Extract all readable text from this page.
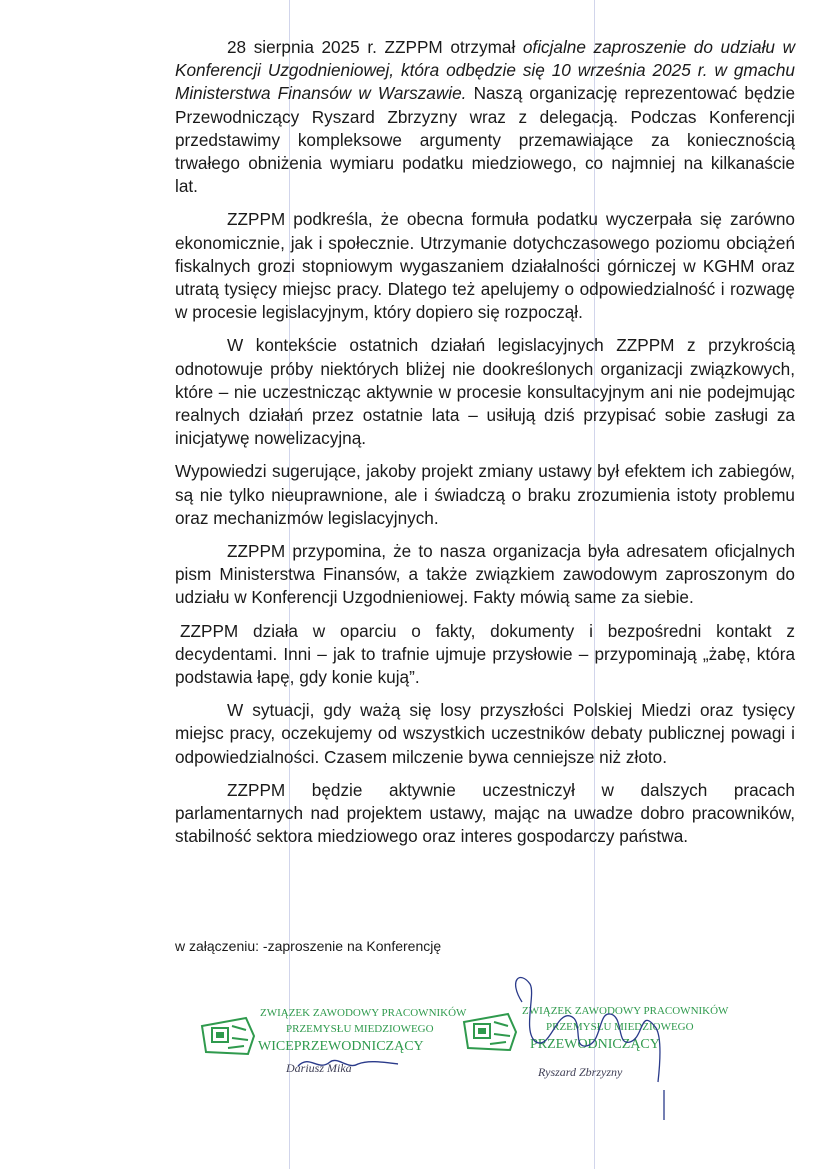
28 sierpnia 2025 r. ZZPPM otrzymał oficjalne zaproszenie do udziału w Konferencji Uzgodnieniowej, która odbędzie się 10 września 2025 r. w gmachu Ministerstwa Finansów w Warszawie. Naszą organizację reprezentować będzie Przewodniczący Ryszard Zbrzyzny wraz z delegacją. Podczas Konferencji przedstawimy kompleksowe argumenty przemawiające za koniecznością trwałego obniżenia wymiaru podatku miedziowego, co najmniej na kilkanaście lat.

ZZPPM podkreśla, że obecna formuła podatku wyczerpała się zarówno ekonomicznie, jak i społecznie. Utrzymanie dotychczasowego poziomu obciążeń fiskalnych grozi stopniowym wygaszaniem działalności górniczej w KGHM oraz utratą tysięcy miejsc pracy. Dlatego też apelujemy o odpowiedzialność i rozwagę w procesie legislacyjnym, który dopiero się rozpoczął.

W kontekście ostatnich działań legislacyjnych ZZPPM z przykrością odnotowuje próby niektórych bliżej nie dookreślonych organizacji związkowych, które – nie uczestnicząc aktywnie w procesie konsultacyjnym ani nie podejmując realnych działań przez ostatnie lata – usiłują dziś przypisać sobie zasługi za inicjatywę nowelizacyjną.

Wypowiedzi sugerujące, jakoby projekt zmiany ustawy był efektem ich zabiegów, są nie tylko nieuprawnione, ale i świadczą o braku zrozumienia istoty problemu oraz mechanizmów legislacyjnych.

ZZPPM przypomina, że to nasza organizacja była adresatem oficjalnych pism Ministerstwa Finansów, a także związkiem zawodowym zaproszonym do udziału w Konferencji Uzgodnieniowej. Fakty mówią same za siebie.

ZZPPM działa w oparciu o fakty, dokumenty i bezpośredni kontakt z decydentami. Inni – jak to trafnie ujmuje przysłowie – przypominają „żabę, która podstawia łapę, gdy konie kują”.

W sytuacji, gdy ważą się losy przyszłości Polskiej Miedzi oraz tysięcy miejsc pracy, oczekujemy od wszystkich uczestników debaty publicznej powagi i odpowiedzialności. Czasem milczenie bywa cenniejsze niż złoto.

ZZPPM będzie aktywnie uczestniczył w dalszych pracach parlamentarnych nad projektem ustawy, mając na uwadze dobro pracowników, stabilność sektora miedziowego oraz interes gospodarczy państwa.

w załączeniu: -zaproszenie na Konferencję
ZWIĄZEK ZAWODOWY PRACOWNIKÓW
PRZEMYSŁU MIEDZIOWEGO
WICEPRZEWODNICZĄCY
Dariusz Mika
ZWIĄZEK ZAWODOWY PRACOWNIKÓW
PRZEMYSŁU MIEDZIOWEGO
PRZEWODNICZĄCY
Ryszard Zbrzyzny
